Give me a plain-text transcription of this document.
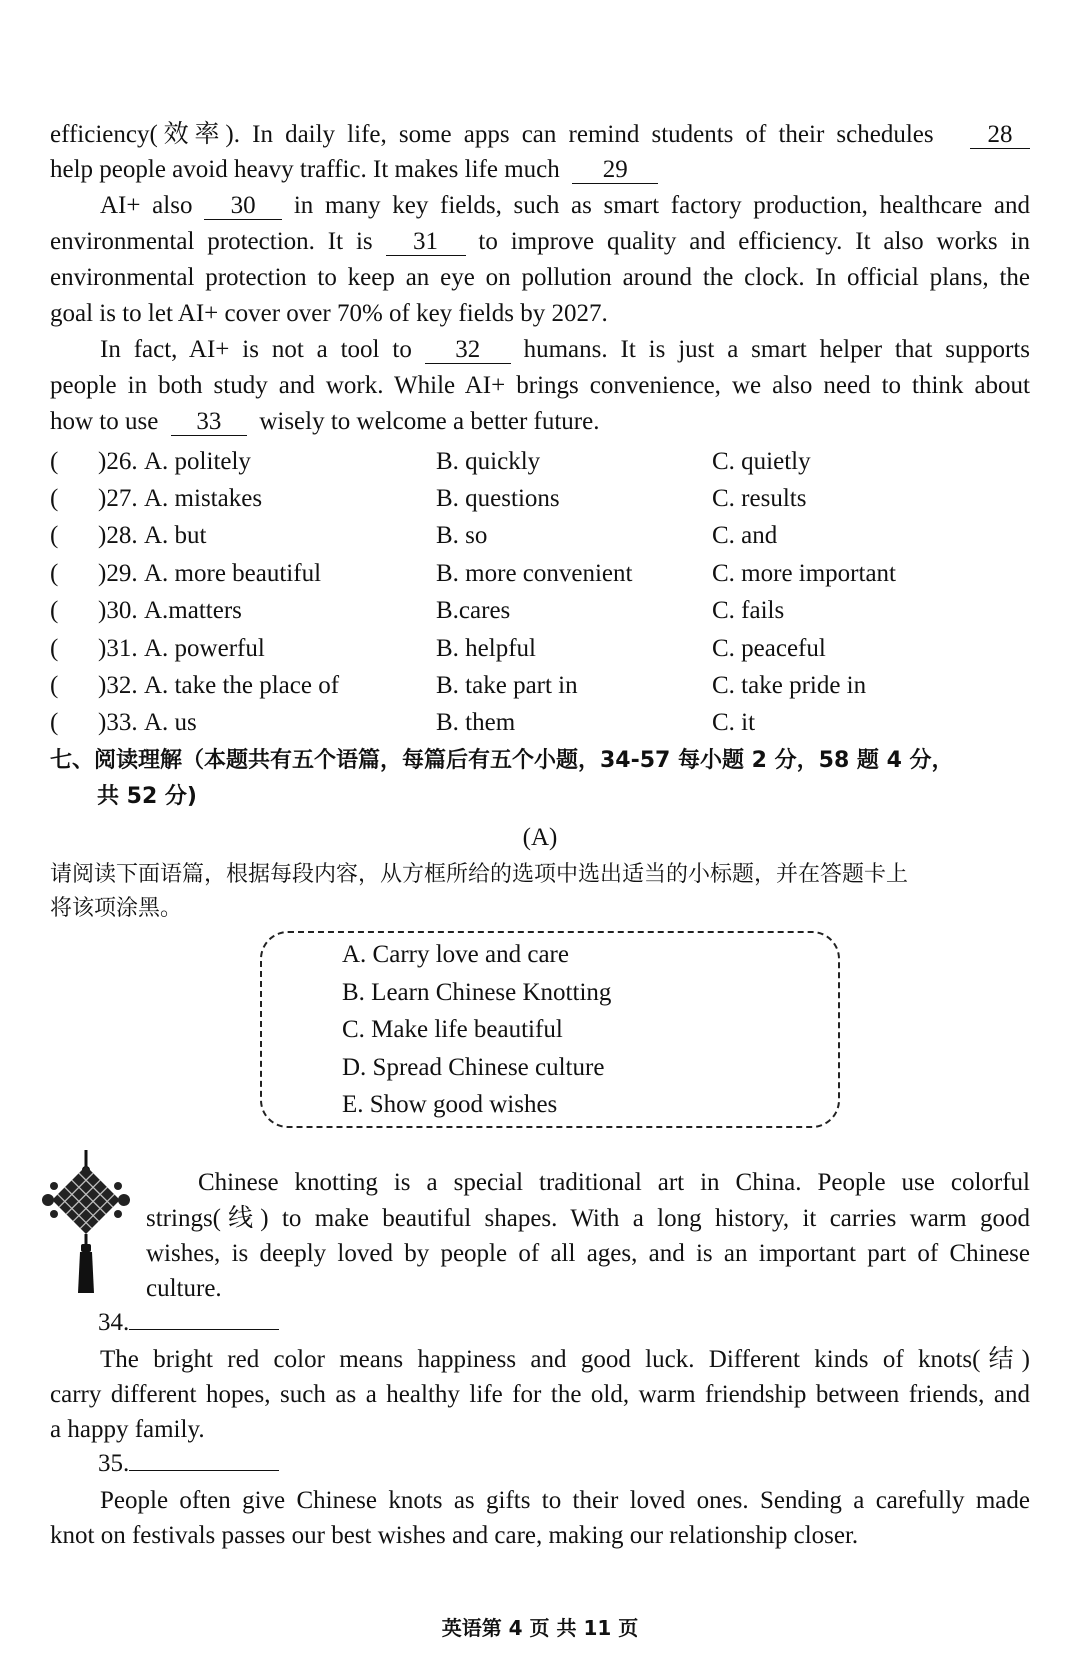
efficiency(效率). In daily life, some apps can remind students of their schedules 28
help people avoid heavy traffic. It makes life much 29
AI+ also 30 in many key fields, such as smart factory production, healthcare and
environmental protection. It is 31 to improve quality and efficiency. It also works in
environmental protection to keep an eye on pollution around the clock. In official plans, the
goal is to let AI+ cover over 70% of key fields by 2027.
In fact, AI+ is not a tool to 32 humans. It is just a smart helper that supports
people in both study and work. While AI+ brings convenience, we also need to think about
how to use 33 wisely to welcome a better future.
( )26. A. politely	B. quickly	C. quietly
( )27. A. mistakes	B. questions	C. results
( )28. A. but	B. so	C. and
( )29. A. more beautiful	B. more convenient	C. more important
( )30. A.matters	B.cares	C. fails
( )31. A. powerful	B. helpful	C. peaceful
( )32. A. take the place of	B. take part in	C. take pride in
( )33. A. us	B. them	C. it
七、阅读理解（本题共有五个语篇，每篇后有五个小题，34-57 每小题 2 分，58 题 4 分，
共 52 分)
(A)
请阅读下面语篇，根据每段内容，从方框所给的选项中选出适当的小标题，并在答题卡上
将该项涂黑。
A. Carry love and care
B. Learn Chinese Knotting
C. Make life beautiful
D. Spread Chinese culture
E. Show good wishes
Chinese knotting is a special traditional art in China. People use colorful
strings(线) to make beautiful shapes. With a long history, it carries warm good
wishes, is deeply loved by people of all ages, and is an important part of Chinese
culture.
34.
The bright red color means happiness and good luck. Different kinds of knots(结)
carry different hopes, such as a healthy life for the old, warm friendship between friends, and
a happy family.
35.
People often give Chinese knots as gifts to their loved ones. Sending a carefully made
knot on festivals passes our best wishes and care, making our relationship closer.
英语第 4 页 共 11 页
